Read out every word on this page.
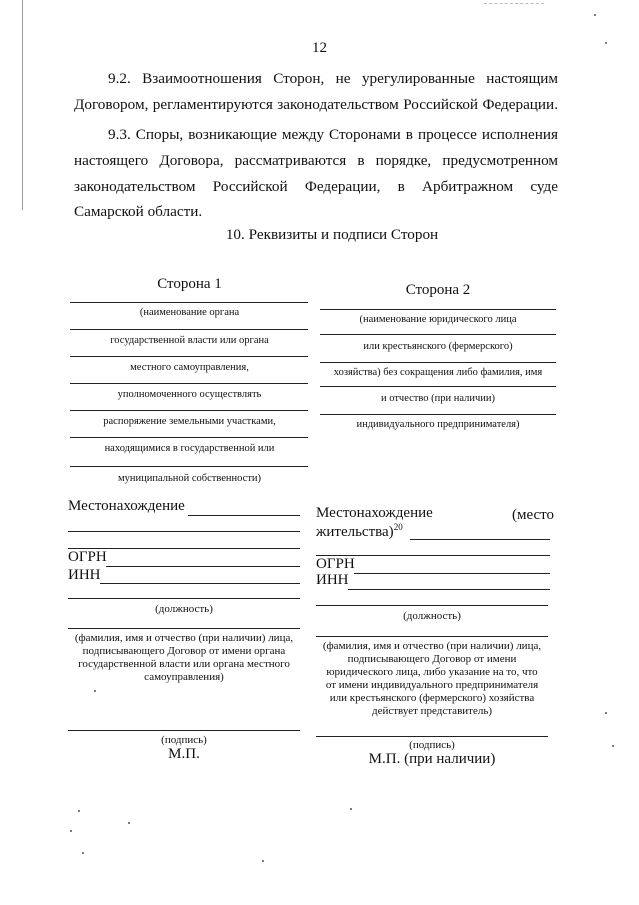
12
9.2. Взаимоотношения Сторон, не урегулированные настоящим
Договором, регламентируются законодательством Российской Федерации.
9.3. Споры, возникающие между Сторонами в процессе исполнения
настоящего Договора, рассматриваются в порядке, предусмотренном
законодательством Российской Федерации, в Арбитражном суде
Самарской области.
10. Реквизиты и подписи Сторон
Сторона 1
(наименование органа
государственной власти или органа
местного самоуправления,
уполномоченного осуществлять
распоряжение земельными участками,
находящимися в государственной или
муниципальной собственности)
Местонахождение
ОГРН
ИНН
(должность)
(фамилия, имя и отчество (при наличии) лица,
подписывающего Договор от имени органа
государственной власти или органа местного
самоуправления)
(подпись)
М.П.
Сторона 2
(наименование юридического лица
или крестьянского (фермерского)
хозяйства) без сокращения либо фамилия, имя
и отчество (при наличии)
индивидуального предпринимателя)
Местонахождение	(место
жительства)$^{20}$
ОГРН
ИНН
(должность)
(фамилия, имя и отчество (при наличии) лица,
подписывающего Договор от имени
юридического лица, либо указание на то, что
от имени индивидуального предпринимателя
или крестьянского (фермерского) хозяйства
действует представитель)
(подпись)
М.П. (при наличии)
